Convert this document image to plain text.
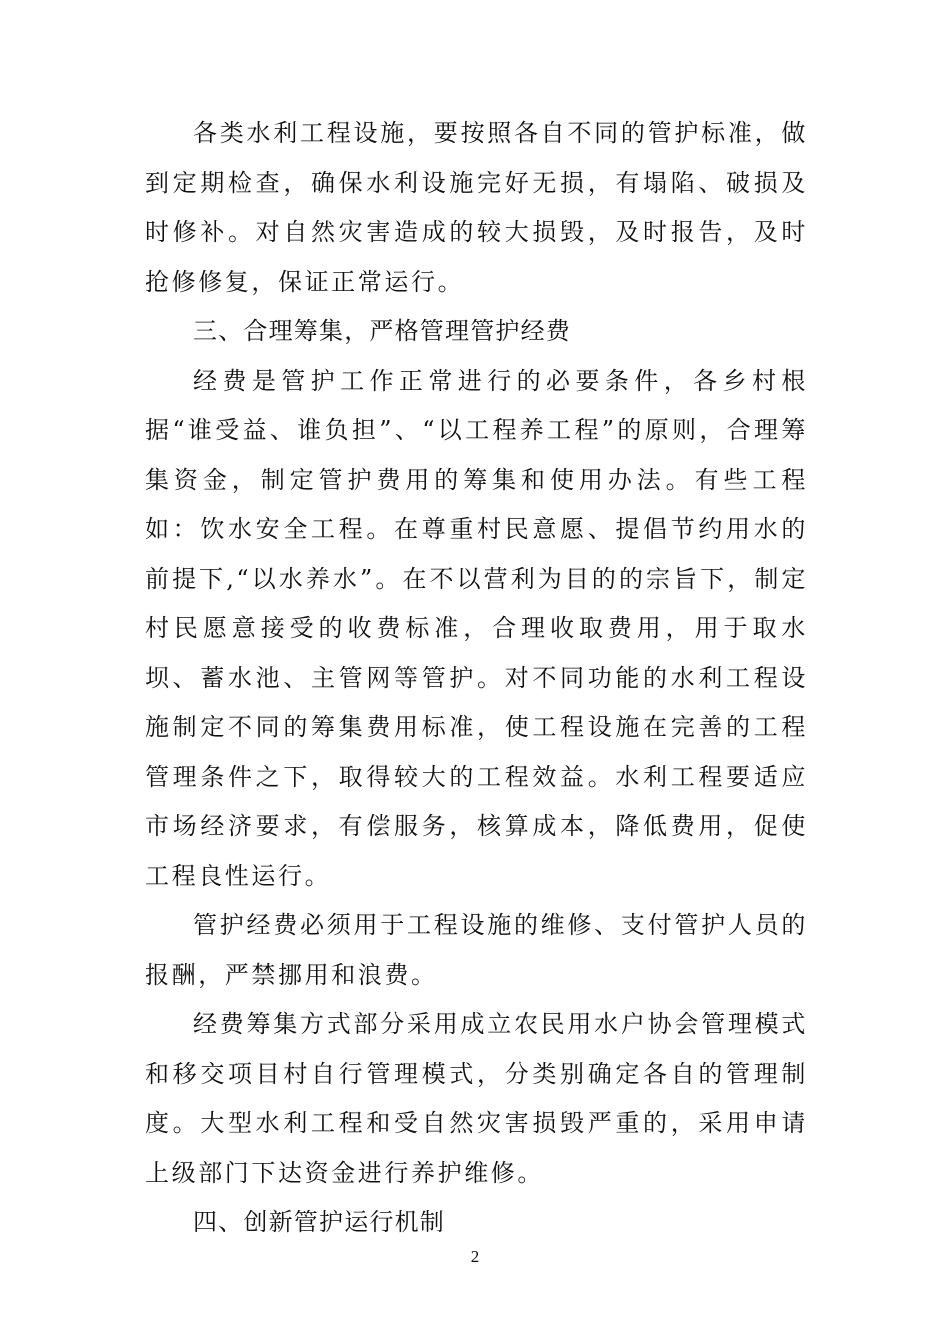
各类水利工程设施，要按照各自不同的管护标准，做到定期检查，确保水利设施完好无损，有塌陷、破损及时修补。对自然灾害造成的较大损毁，及时报告，及时抢修修复，保证正常运行。

三、合理筹集，严格管理管护经费

经费是管护工作正常进行的必要条件，各乡村根据“谁受益、谁负担”、“以工程养工程”的原则，合理筹集资金，制定管护费用的筹集和使用办法。有些工程如：饮水安全工程。在尊重村民意愿、提倡节约用水的前提下,“以水养水”。在不以营利为目的的宗旨下，制定村民愿意接受的收费标准，合理收取费用，用于取水坝、蓄水池、主管网等管护。对不同功能的水利工程设施制定不同的筹集费用标准，使工程设施在完善的工程管理条件之下，取得较大的工程效益。水利工程要适应市场经济要求，有偿服务，核算成本，降低费用，促使工程良性运行。

管护经费必须用于工程设施的维修、支付管护人员的报酬，严禁挪用和浪费。

经费筹集方式部分采用成立农民用水户协会管理模式和移交项目村自行管理模式，分类别确定各自的管理制度。大型水利工程和受自然灾害损毁严重的，采用申请上级部门下达资金进行养护维修。

四、创新管护运行机制

2
